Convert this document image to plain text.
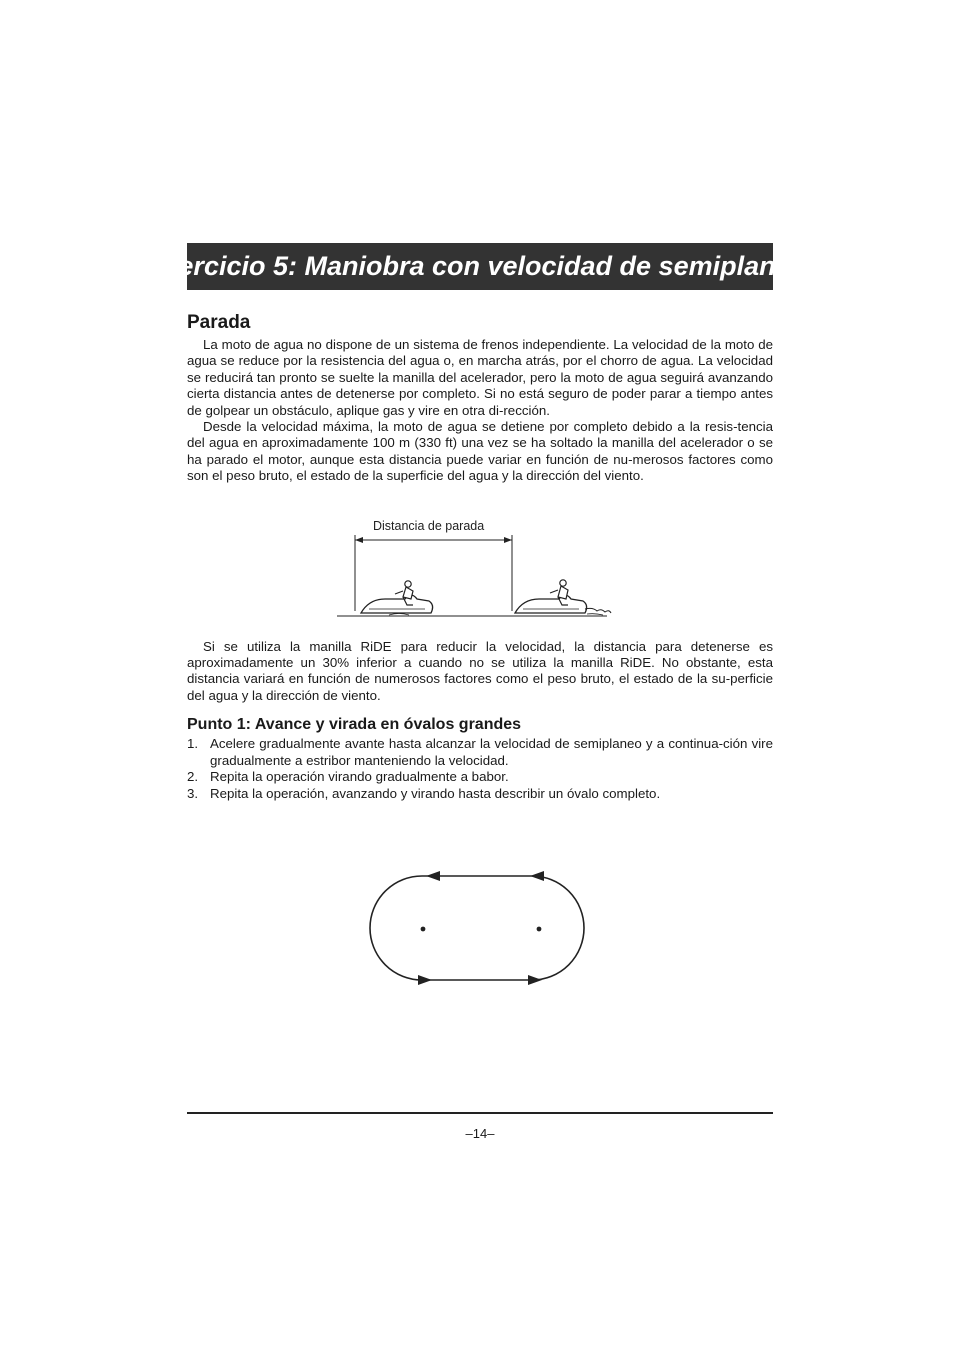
Ejercicio 5: Maniobra con velocidad de semiplaneo
Parada

La moto de agua no dispone de un sistema de frenos independiente. La velocidad de la moto de agua se reduce por la resistencia del agua o, en marcha atrás, por el chorro de agua. La velocidad se reducirá tan pronto se suelte la manilla del acelerador, pero la moto de agua seguirá avanzando cierta distancia antes de detenerse por completo. Si no está seguro de poder parar a tiempo antes de golpear un obstáculo, aplique gas y vire en otra di-rección.

Desde la velocidad máxima, la moto de agua se detiene por completo debido a la resis-tencia del agua en aproximadamente 100 m (330 ft) una vez se ha soltado la manilla del acelerador o se ha parado el motor, aunque esta distancia puede variar en función de nu-merosos factores como son el peso bruto, el estado de la superficie del agua y la dirección del viento.

Distancia de parada

Si se utiliza la manilla RiDE para reducir la velocidad, la distancia para detenerse es aproximadamente un 30% inferior a cuando no se utiliza la manilla RiDE. No obstante, esta distancia variará en función de numerosos factores como el peso bruto, el estado de la su-perficie del agua y la dirección de viento.

Punto 1: Avance y virada en óvalos grandes
1. Acelere gradualmente avante hasta alcanzar la velocidad de semiplaneo y a continua-ción vire gradualmente a estribor manteniendo la velocidad.
2. Repita la operación virando gradualmente a babor.
3. Repita la operación, avanzando y virando hasta describir un óvalo completo.
–14–
